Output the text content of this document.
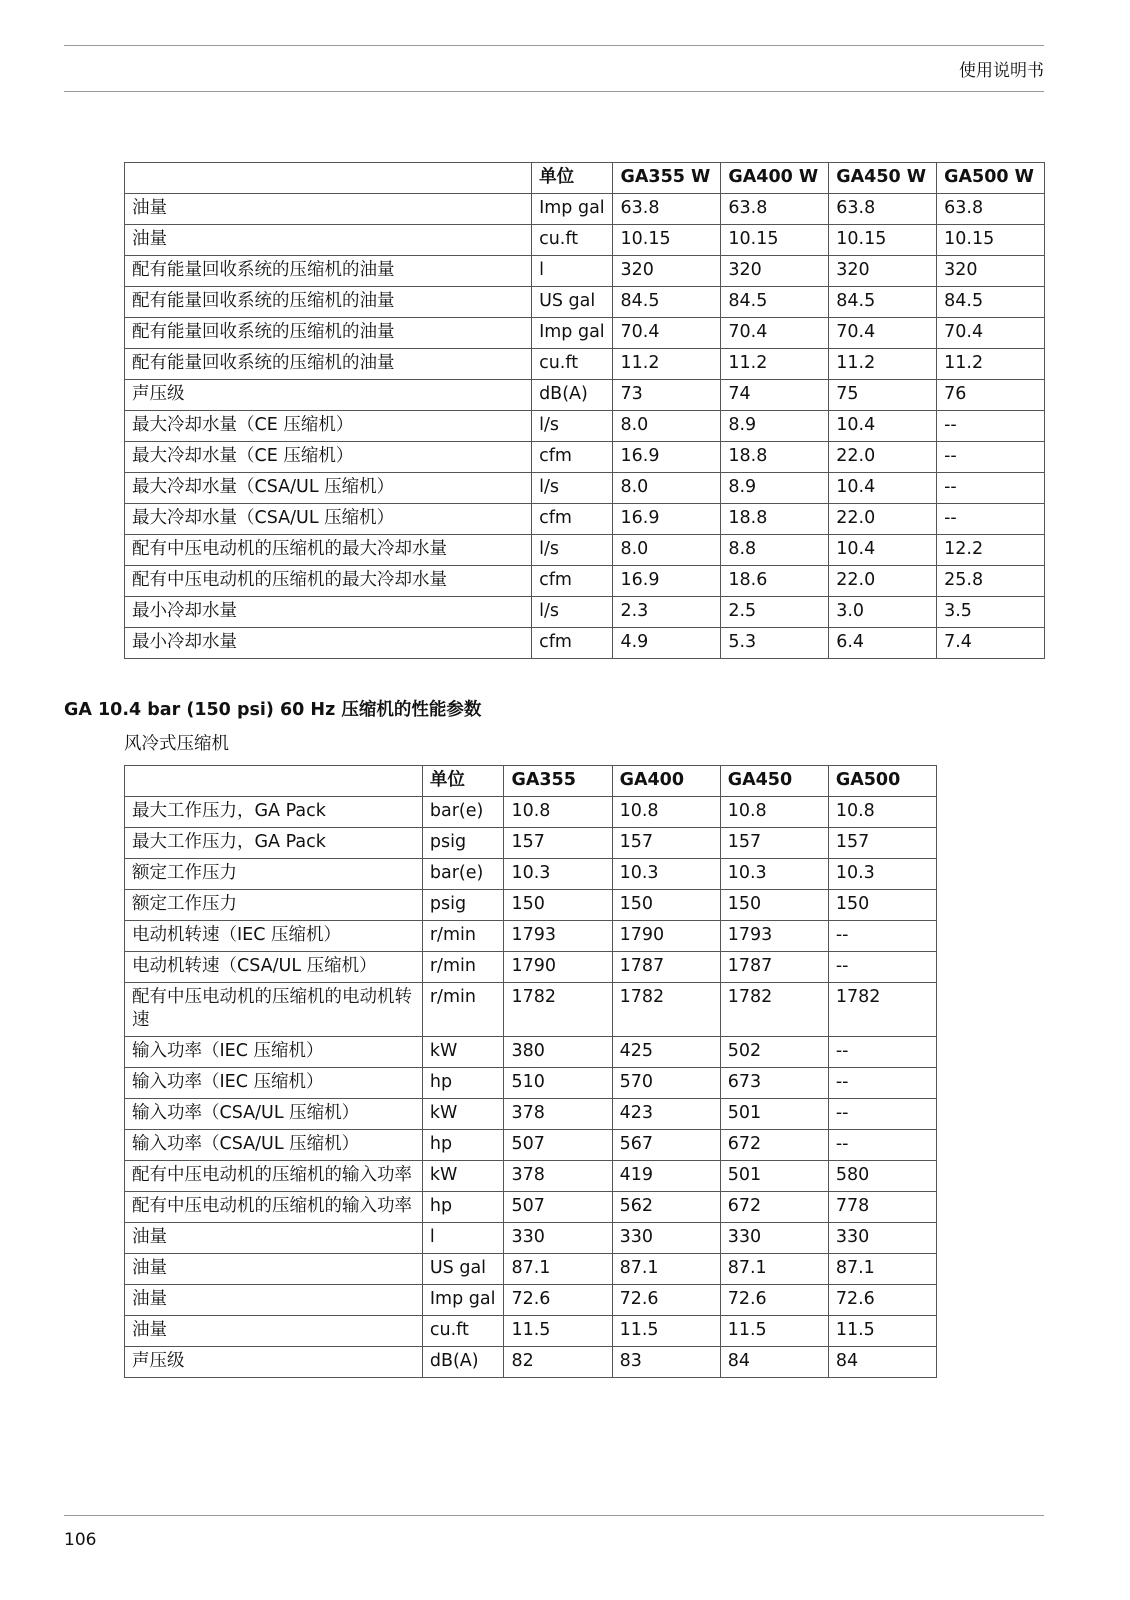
使用说明书
	单位	GA355 W	GA400 W	GA450 W	GA500 W
油量	Imp gal	63.8	63.8	63.8	63.8
油量	cu.ft	10.15	10.15	10.15	10.15
配有能量回收系统的压缩机的油量	l	320	320	320	320
配有能量回收系统的压缩机的油量	US gal	84.5	84.5	84.5	84.5
配有能量回收系统的压缩机的油量	Imp gal	70.4	70.4	70.4	70.4
配有能量回收系统的压缩机的油量	cu.ft	11.2	11.2	11.2	11.2
声压级	dB(A)	73	74	75	76
最大冷却水量（CE 压缩机）	l/s	8.0	8.9	10.4	--
最大冷却水量（CE 压缩机）	cfm	16.9	18.8	22.0	--
最大冷却水量（CSA/UL 压缩机）	l/s	8.0	8.9	10.4	--
最大冷却水量（CSA/UL 压缩机）	cfm	16.9	18.8	22.0	--
配有中压电动机的压缩机的最大冷却水量	l/s	8.0	8.8	10.4	12.2
配有中压电动机的压缩机的最大冷却水量	cfm	16.9	18.6	22.0	25.8
最小冷却水量	l/s	2.3	2.5	3.0	3.5
最小冷却水量	cfm	4.9	5.3	6.4	7.4
GA 10.4 bar (150 psi) 60 Hz 压缩机的性能参数
风冷式压缩机
	单位	GA355	GA400	GA450	GA500
最大工作压力，GA Pack	bar(e)	10.8	10.8	10.8	10.8
最大工作压力，GA Pack	psig	157	157	157	157
额定工作压力	bar(e)	10.3	10.3	10.3	10.3
额定工作压力	psig	150	150	150	150
电动机转速（IEC 压缩机）	r/min	1793	1790	1793	--
电动机转速（CSA/UL 压缩机）	r/min	1790	1787	1787	--
配有中压电动机的压缩机的电动机转速	r/min	1782	1782	1782	1782
输入功率（IEC 压缩机）	kW	380	425	502	--
输入功率（IEC 压缩机）	hp	510	570	673	--
输入功率（CSA/UL 压缩机）	kW	378	423	501	--
输入功率（CSA/UL 压缩机）	hp	507	567	672	--
配有中压电动机的压缩机的输入功率	kW	378	419	501	580
配有中压电动机的压缩机的输入功率	hp	507	562	672	778
油量	l	330	330	330	330
油量	US gal	87.1	87.1	87.1	87.1
油量	Imp gal	72.6	72.6	72.6	72.6
油量	cu.ft	11.5	11.5	11.5	11.5
声压级	dB(A)	82	83	84	84
106
